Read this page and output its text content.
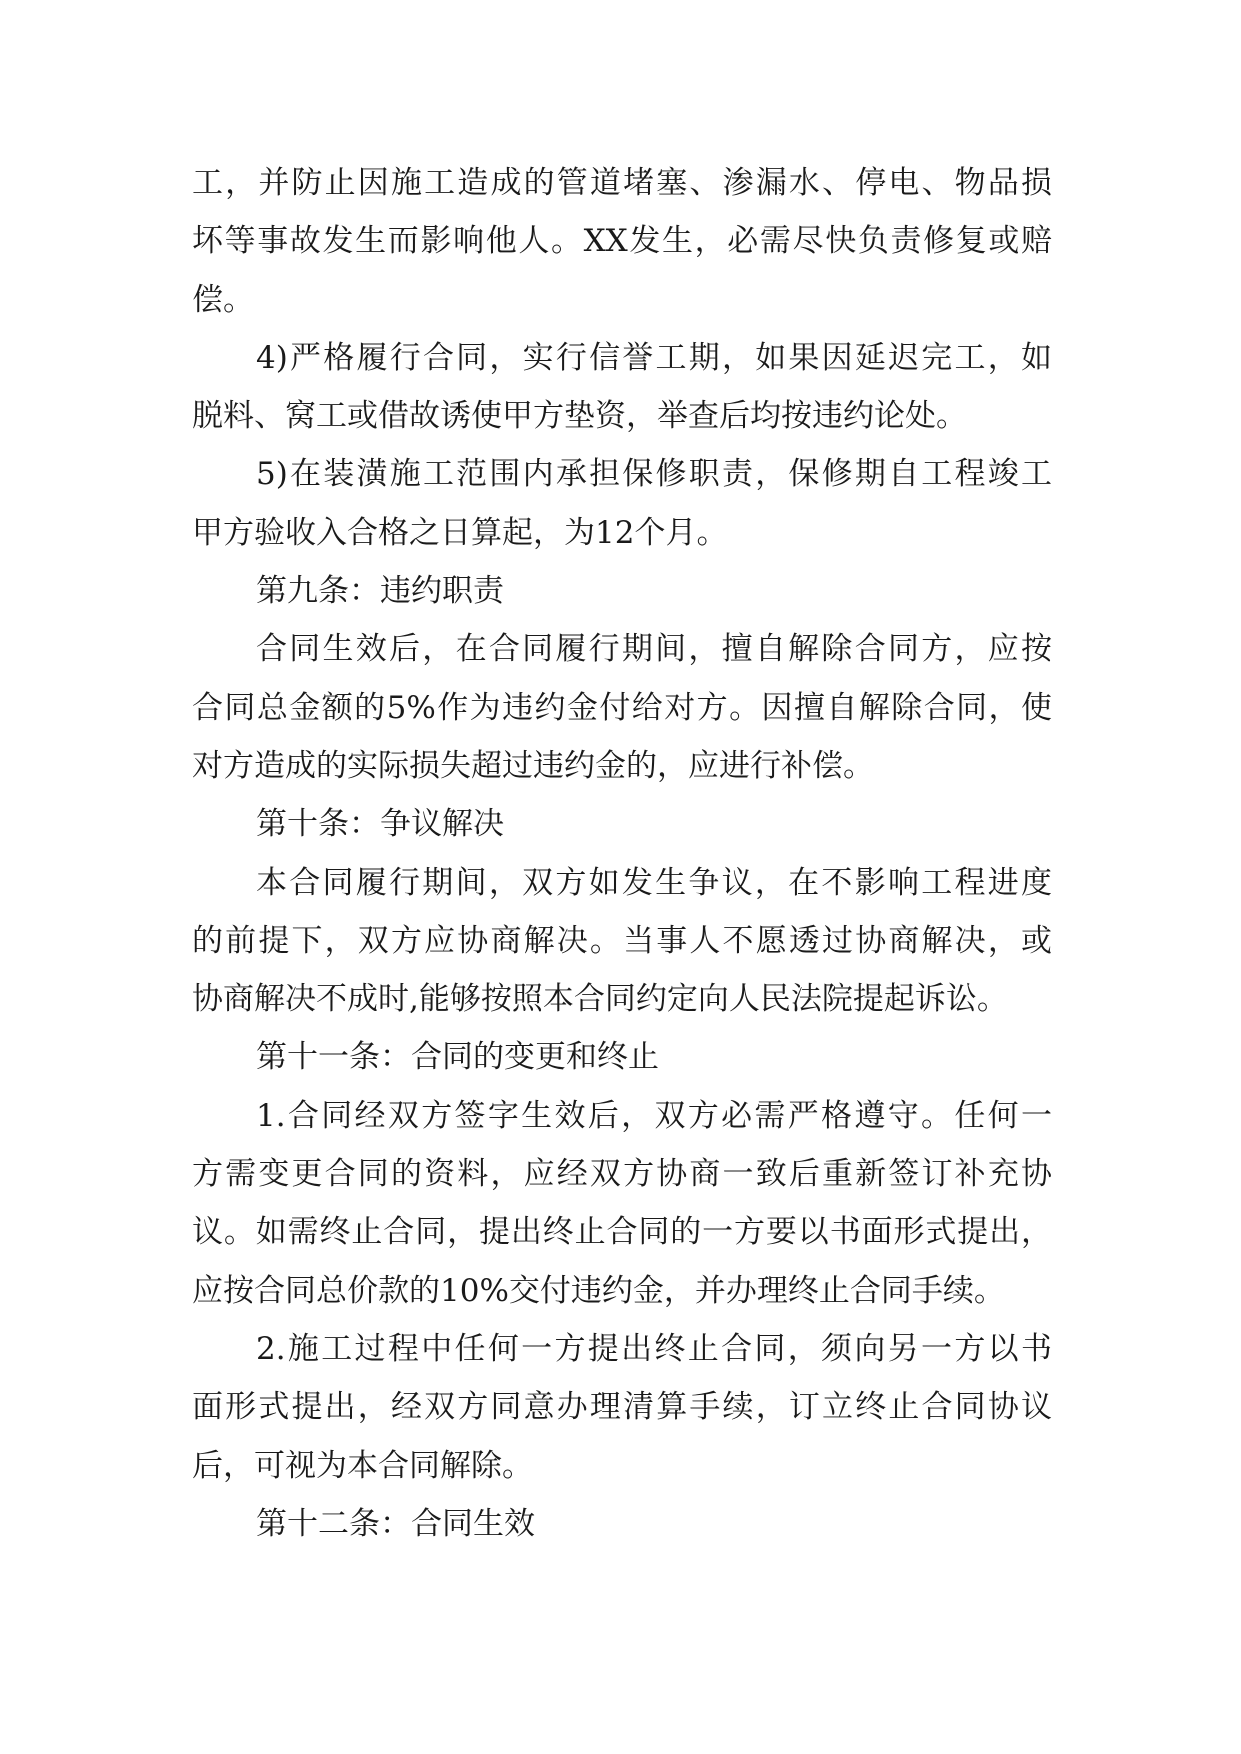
工，并防止因施工造成的管道堵塞、渗漏水、停电、物品损
坏等事故发生而影响他人。XX发生，必需尽快负责修复或赔
偿。
4)严格履行合同，实行信誉工期，如果因延迟完工，如
脱料、窝工或借故诱使甲方垫资，举查后均按违约论处。
5)在装潢施工范围内承担保修职责，保修期自工程竣工
甲方验收入合格之日算起，为12个月。
第九条：违约职责
合同生效后，在合同履行期间，擅自解除合同方，应按
合同总金额的5%作为违约金付给对方。因擅自解除合同，使
对方造成的实际损失超过违约金的，应进行补偿。
第十条：争议解决
本合同履行期间，双方如发生争议，在不影响工程进度
的前提下，双方应协商解决。当事人不愿透过协商解决，或
协商解决不成时,能够按照本合同约定向人民法院提起诉讼。
第十一条：合同的变更和终止
1.合同经双方签字生效后，双方必需严格遵守。任何一
方需变更合同的资料，应经双方协商一致后重新签订补充协
议。如需终止合同，提出终止合同的一方要以书面形式提出，
应按合同总价款的10%交付违约金，并办理终止合同手续。
2.施工过程中任何一方提出终止合同，须向另一方以书
面形式提出，经双方同意办理清算手续，订立终止合同协议
后，可视为本合同解除。
第十二条：合同生效
